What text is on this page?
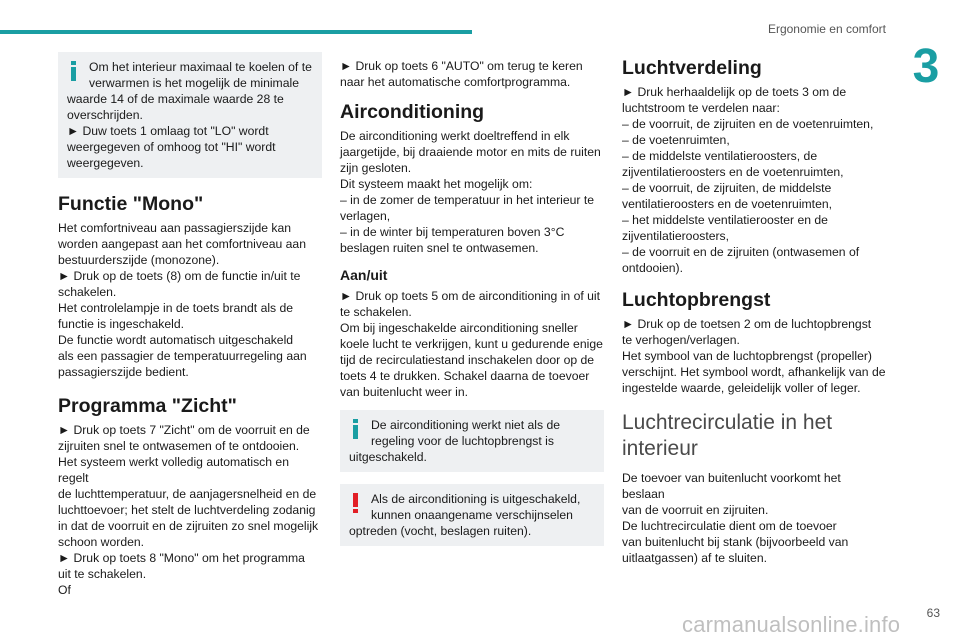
Ergonomie en comfort
3

Om het interieur maximaal te koelen of te
verwarmen is het mogelijk de minimale

waarde 14 of de maximale waarde 28 te
overschrijden.
► Duw toets 1 omlaag tot "LO" wordt
weergegeven of omhoog tot "HI" wordt
weergegeven.

Functie "Mono"

Het comfortniveau aan passagierszijde kan
worden aangepast aan het comfortniveau aan
bestuurderszijde (monozone).
► Druk op de toets (8) om de functie in/uit te
schakelen.
Het controlelampje in de toets brandt als de
functie is ingeschakeld.
De functie wordt automatisch uitgeschakeld
als een passagier de temperatuurregeling aan
passagierszijde bedient.

Programma "Zicht"

► Druk op toets 7 "Zicht" om de voorruit en de
zijruiten snel te ontwasemen of te ontdooien.
Het systeem werkt volledig automatisch en regelt
de luchttemperatuur, de aanjagersnelheid en de
luchttoevoer; het stelt de luchtverdeling zodanig
in dat de voorruit en de zijruiten zo snel mogelijk
schoon worden.
► Druk op toets 8 "Mono" om het programma
uit te schakelen.
Of

► Druk op toets 6 "AUTO" om terug te keren
naar het automatische comfortprogramma.

Airconditioning

De airconditioning werkt doeltreffend in elk
jaargetijde, bij draaiende motor en mits de ruiten
zijn gesloten.
Dit systeem maakt het mogelijk om:
– in de zomer de temperatuur in het interieur te
verlagen,
– in de winter bij temperaturen boven 3°C
beslagen ruiten snel te ontwasemen.

Aan/uit

► Druk op toets 5 om de airconditioning in of uit
te schakelen.
Om bij ingeschakelde airconditioning sneller
koele lucht te verkrijgen, kunt u gedurende enige
tijd de recirculatiestand inschakelen door op de
toets 4 te drukken. Schakel daarna de toevoer
van buitenlucht weer in.

De airconditioning werkt niet als de
regeling voor de luchtopbrengst is

uitgeschakeld.

Als de airconditioning is uitgeschakeld,
kunnen onaangename verschijnselen

optreden (vocht, beslagen ruiten).

Luchtverdeling

► Druk herhaaldelijk op de toets 3 om de
luchtstroom te verdelen naar:
– de voorruit, de zijruiten en de voetenruimten,
– de voetenruimten,
– de middelste ventilatieroosters, de
zijventilatieroosters en de voetenruimten,
– de voorruit, de zijruiten, de middelste
ventilatieroosters en de voetenruimten,
– het middelste ventilatierooster en de
zijventilatieroosters,
– de voorruit en de zijruiten (ontwasemen of
ontdooien).

Luchtopbrengst

► Druk op de toetsen 2 om de luchtopbrengst
te verhogen/verlagen.
Het symbool van de luchtopbrengst (propeller)
verschijnt. Het symbool wordt, afhankelijk van de
ingestelde waarde, geleidelijk voller of leger.

Luchtrecirculatie in het
interieur

De toevoer van buitenlucht voorkomt het beslaan
van de voorruit en zijruiten.
De luchtrecirculatie dient om de toevoer
van buitenlucht bij stank (bijvoorbeeld van
uitlaatgassen) af te sluiten.

63
carmanualsonline.info
